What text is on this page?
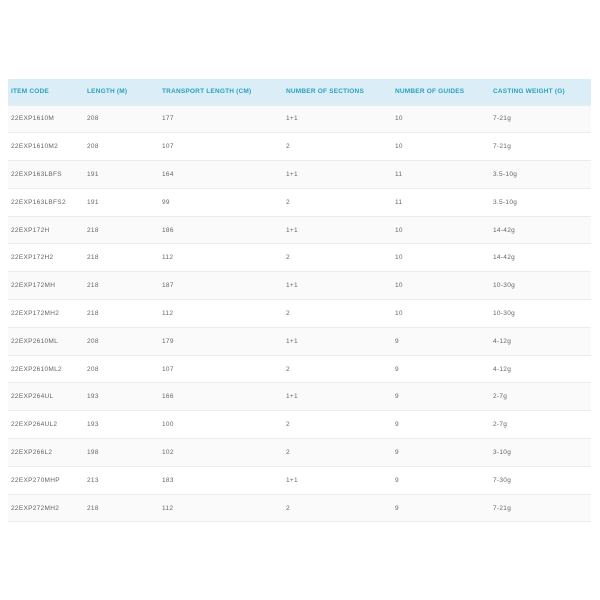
ITEM CODE	LENGTH (M)	TRANSPORT LENGTH (CM)	NUMBER OF SECTIONS	NUMBER OF GUIDES	CASTING WEIGHT (G)
22EXP1610M	208	177	1+1	10	7-21g
22EXP1610M2	208	107	2	10	7-21g
22EXP163LBFS	191	164	1+1	11	3.5-10g
22EXP163LBFS2	191	99	2	11	3.5-10g
22EXP172H	218	186	1+1	10	14-42g
22EXP172H2	218	112	2	10	14-42g
22EXP172MH	218	187	1+1	10	10-30g
22EXP172MH2	218	112	2	10	10-30g
22EXP2610ML	208	179	1+1	9	4-12g
22EXP2610ML2	208	107	2	9	4-12g
22EXP264UL	193	166	1+1	9	2-7g
22EXP264UL2	193	100	2	9	2-7g
22EXP266L2	198	102	2	9	3-10g
22EXP270MHP	213	183	1+1	9	7-30g
22EXP272MH2	218	112	2	9	7-21g
